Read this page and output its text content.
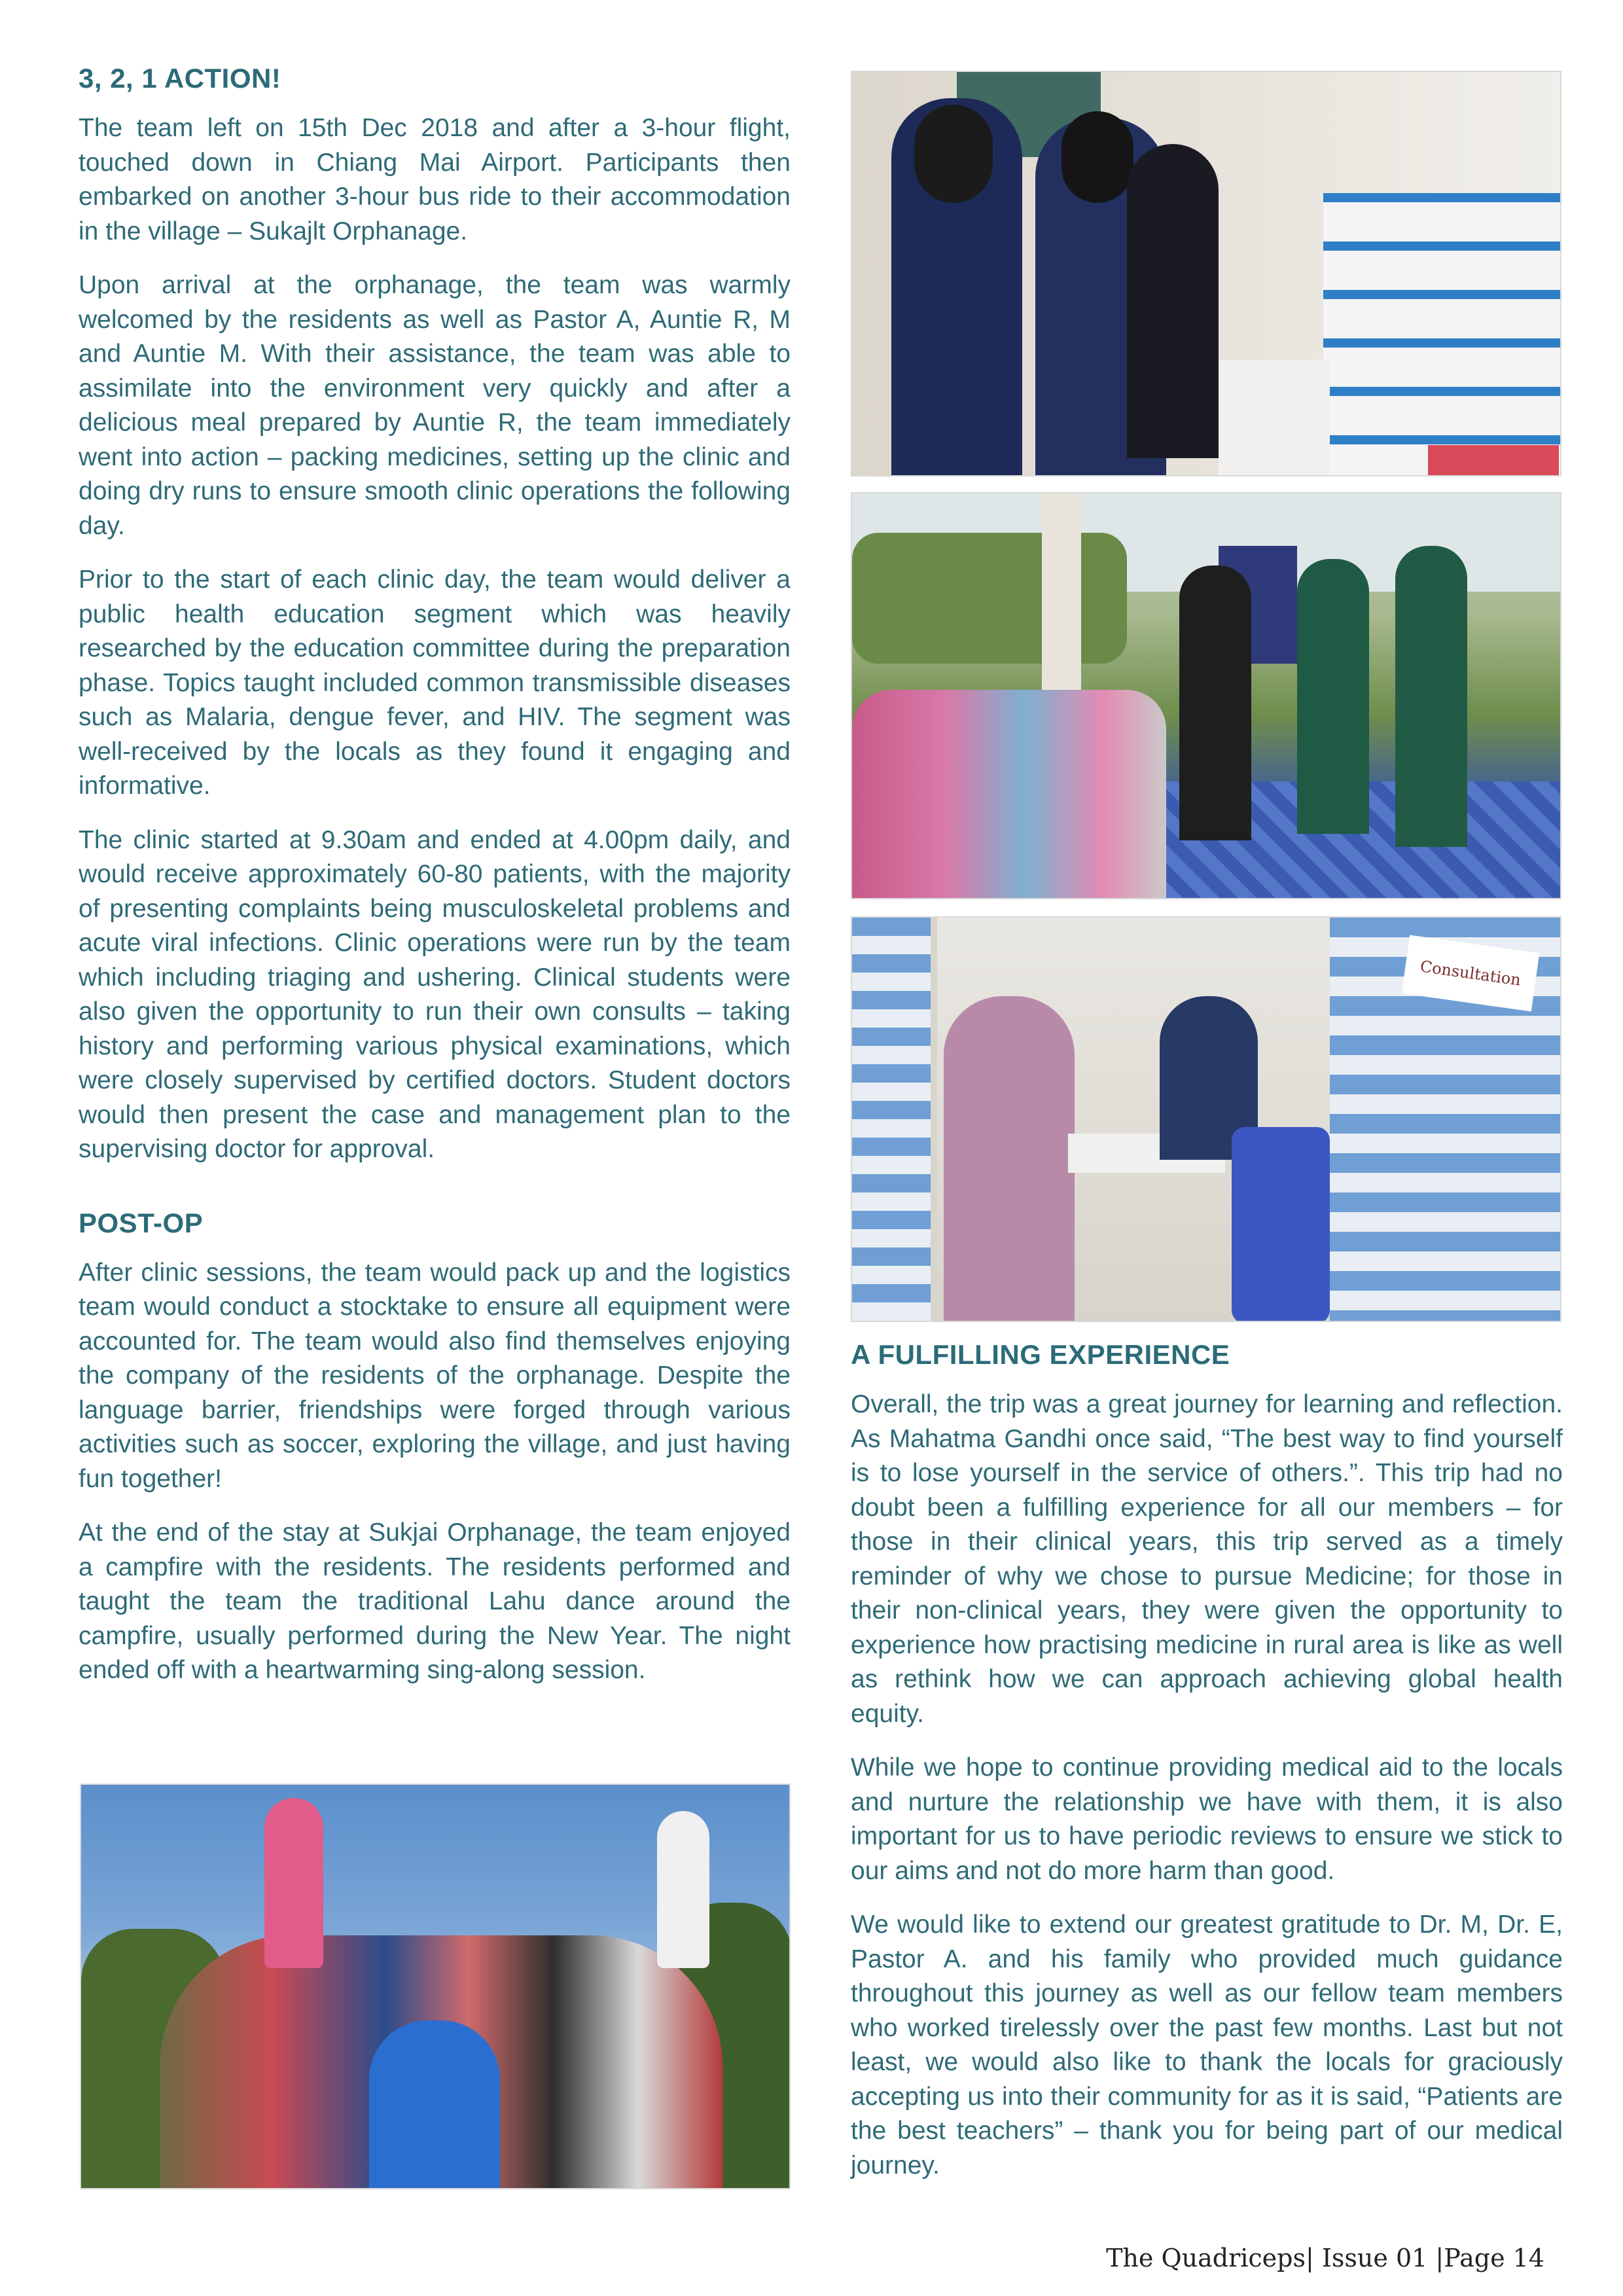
3, 2, 1 ACTION!

The team left on 15th Dec 2018 and after a 3-hour flight, touched down in Chiang Mai Airport. Participants then embarked on another 3-hour bus ride to their accommodation in the village – Sukajlt Orphanage.

Upon arrival at the orphanage, the team was warmly welcomed by the residents as well as Pastor A, Auntie R, M and Auntie M. With their assistance, the team was able to assimilate into the environment very quickly and after a delicious meal prepared by Auntie R, the team immediately went into action – packing medicines, setting up the clinic and doing dry runs to ensure smooth clinic operations the following day.

Prior to the start of each clinic day, the team would deliver a public health education segment which was heavily researched by the education committee during the preparation phase. Topics taught included common transmissible diseases such as Malaria, dengue fever, and HIV. The segment was well-received by the locals as they found it engaging and informative.

The clinic started at 9.30am and ended at 4.00pm daily, and would receive approximately 60-80 patients, with the majority of presenting complaints being musculoskeletal problems and acute viral infections. Clinic operations were run by the team which including triaging and ushering. Clinical students were also given the opportunity to run their own consults – taking history and performing various physical examinations, which were closely supervised by certified doctors. Student doctors would then present the case and management plan to the supervising doctor for approval.

POST-OP

After clinic sessions, the team would pack up and the logistics team would conduct a stocktake to ensure all equipment were accounted for. The team would also find themselves enjoying the company of the residents of the orphanage. Despite the language barrier, friendships were forged through various activities such as soccer, exploring the village, and just having fun together!

At the end of the stay at Sukjai Orphanage, the team enjoyed a campfire with the residents. The residents performed and taught the team the traditional Lahu dance around the campfire, usually performed during the New Year. The night ended off with a heartwarming sing-along session.

Consultation
A FULFILLING EXPERIENCE

Overall, the trip was a great journey for learning and reflection. As Mahatma Gandhi once said, “The best way to find yourself is to lose yourself in the service of others.”. This trip had no doubt been a fulfilling experience for all our members – for those in their clinical years, this trip served as a timely reminder of why we chose to pursue Medicine; for those in their non-clinical years, they were given the opportunity to experience how practising medicine in rural area is like as well as rethink how we can approach achieving global health equity.

While we hope to continue providing medical aid to the locals and nurture the relationship we have with them, it is also important for us to have periodic reviews to ensure we stick to our aims and not do more harm than good.

We would like to extend our greatest gratitude to Dr. M, Dr. E, Pastor A. and his family who provided much guidance throughout this journey as well as our fellow team members who worked tirelessly over the past few months. Last but not least, we would also like to thank the locals for graciously accepting us into their community for as it is said, “Patients are the best teachers” – thank you for being part of our medical journey.

The Quadriceps| Issue 01 |Page 14
